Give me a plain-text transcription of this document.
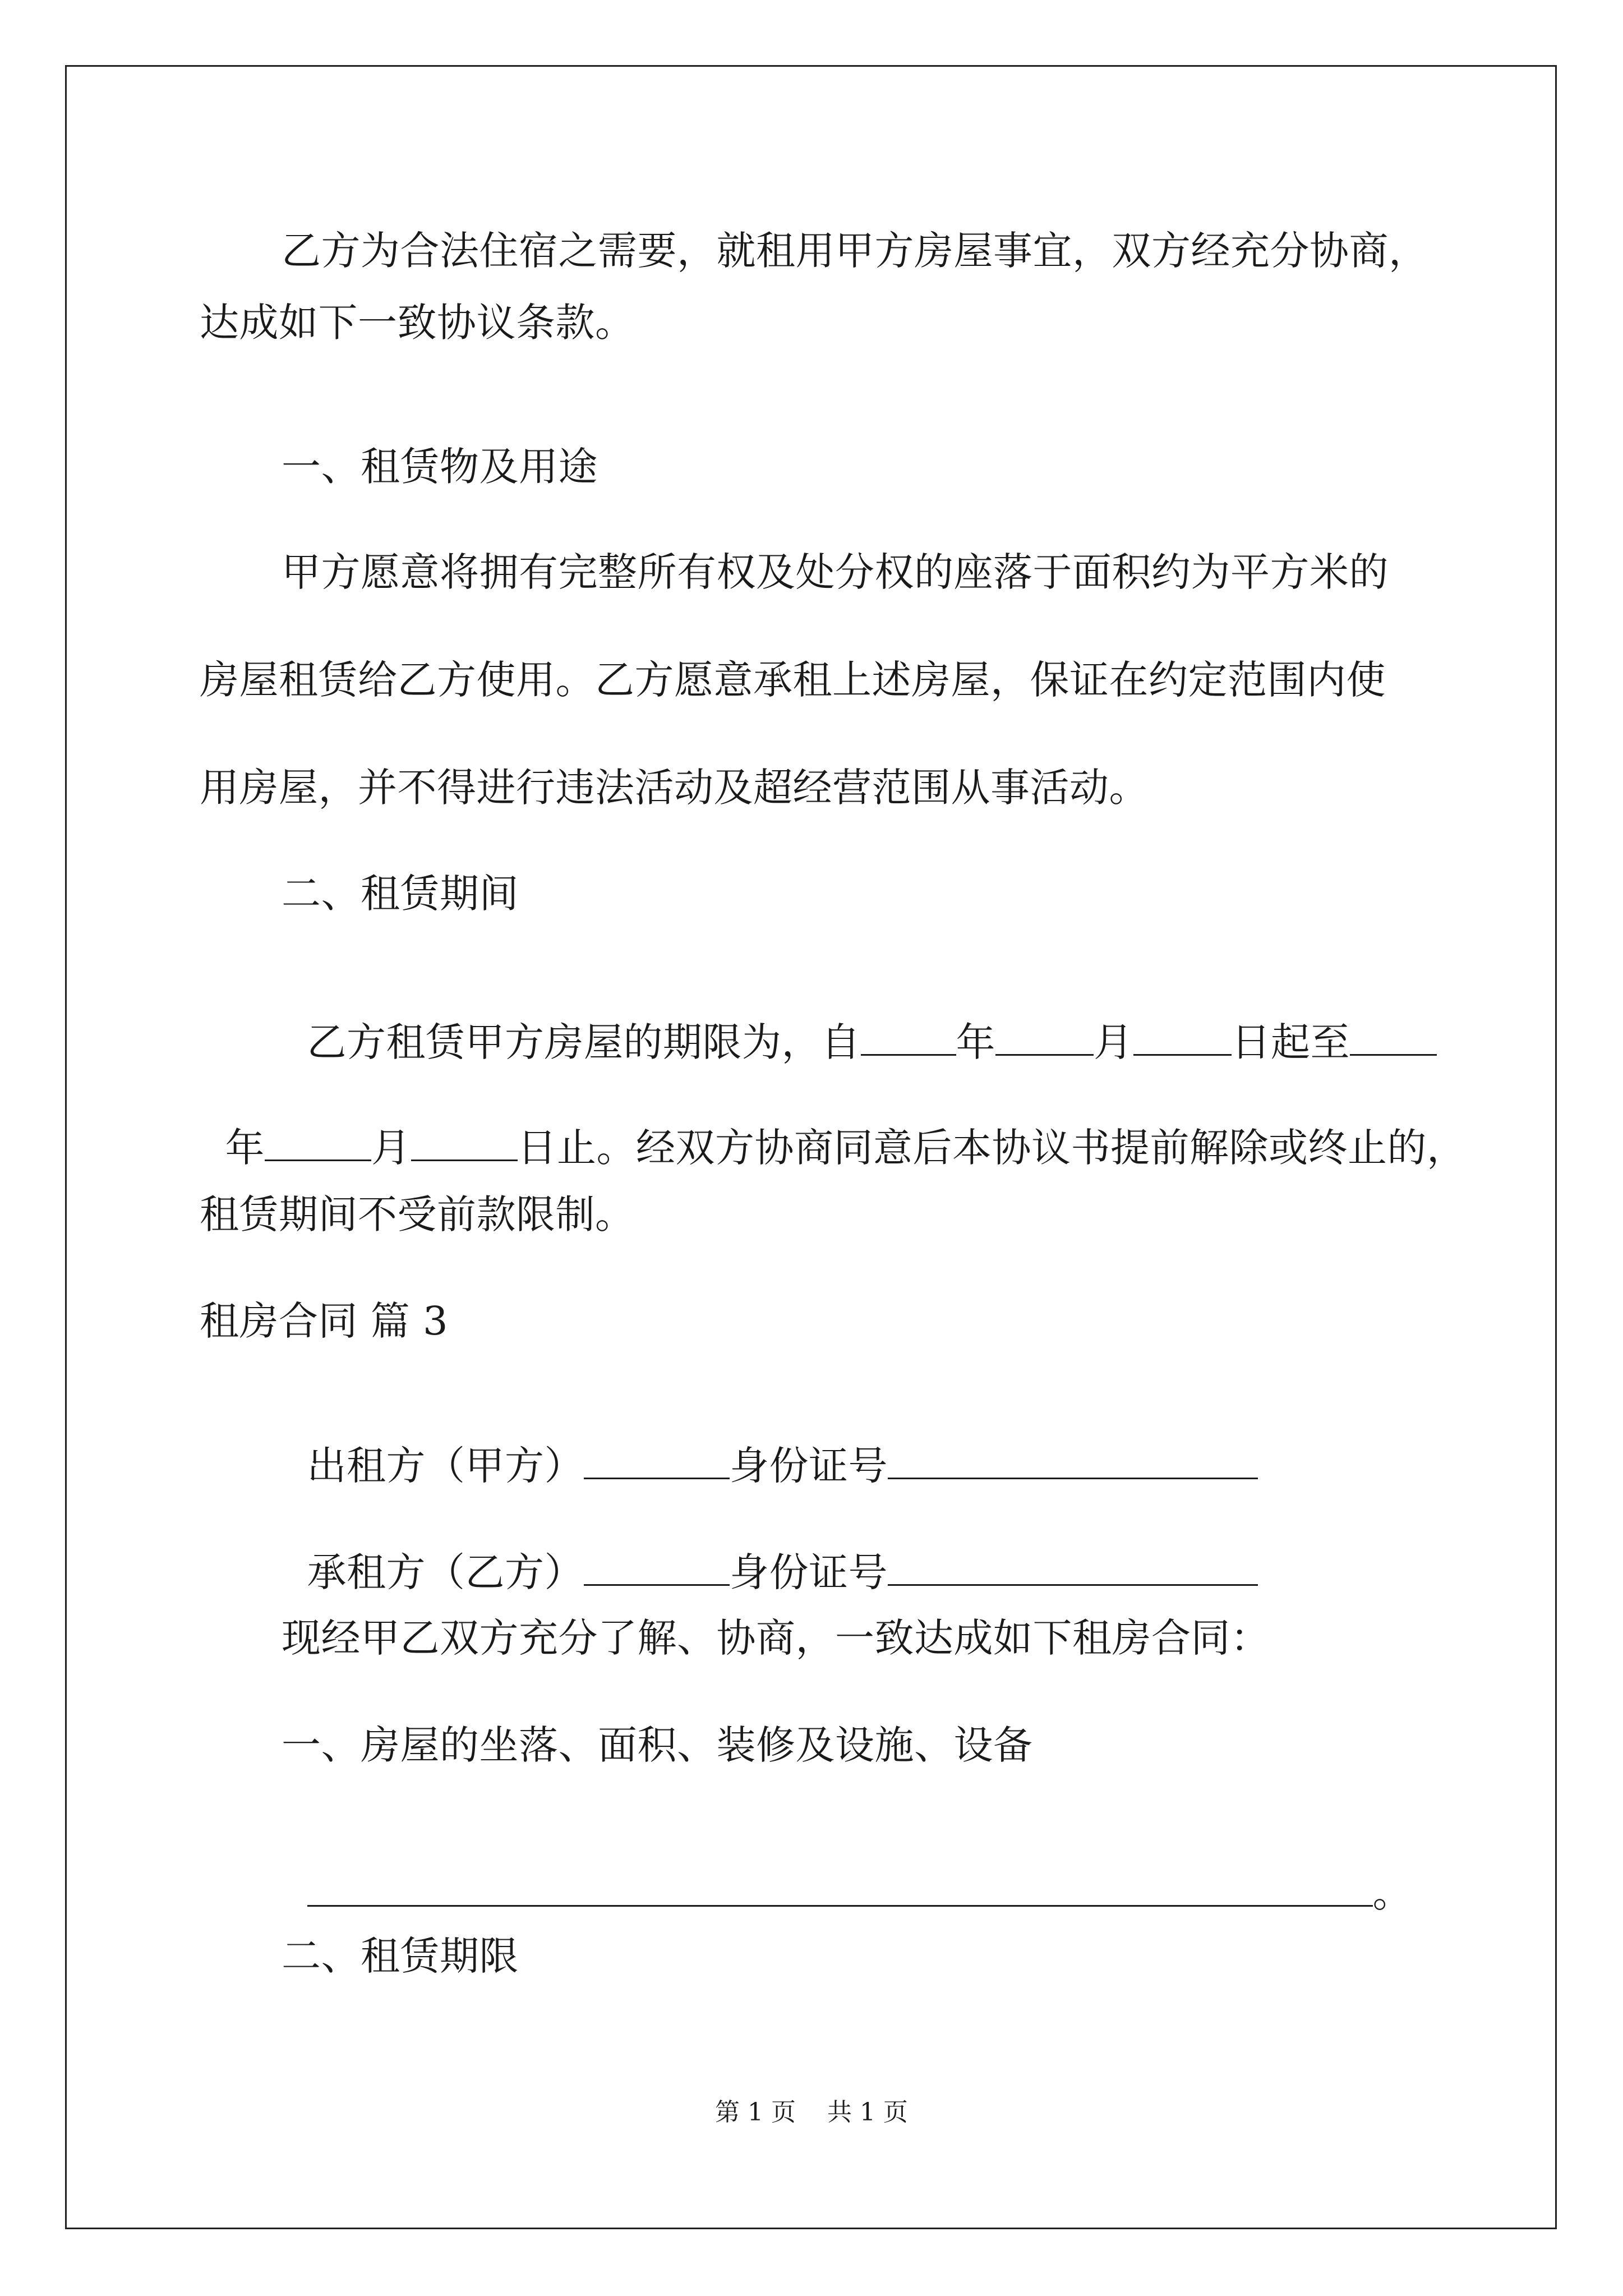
乙方为合法住宿之需要，就租用甲方房屋事宜，双方经充分协商，
达成如下一致协议条款。
一、租赁物及用途
甲方愿意将拥有完整所有权及处分权的座落于面积约为平方米的
房屋租赁给乙方使用。乙方愿意承租上述房屋，保证在约定范围内使
用房屋，并不得进行违法活动及超经营范围从事活动。
二、租赁期间

乙方租赁甲方房屋的期限为，自 年	月	日起至

年	月	日止。经双方协商同意后本协议书提前解除或终止的，

租赁期间不受前款限制。
租房合同 篇 3

出租方（甲方）	身份证号

承租方（乙方）	身份证号

现经甲乙双方充分了解、协商，一致达成如下租房合同：
一、房屋的坐落、面积、装修及设施、设备

。

二、租赁期限
第 1 页    共 1 页
